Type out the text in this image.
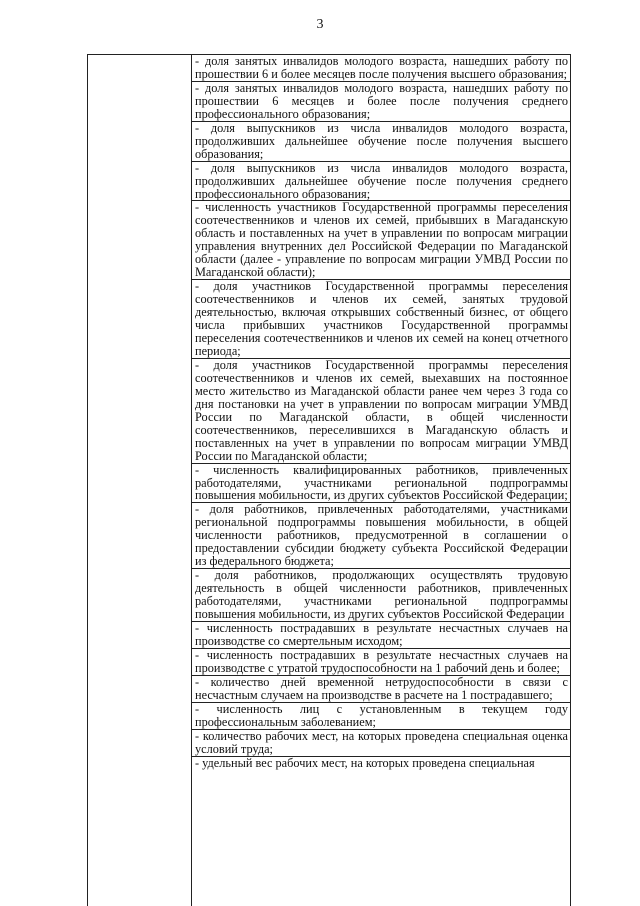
3
- доля занятых инвалидов молодого возраста, нашедших работу по прошествии 6 и более месяцев после получения высшего образования;
- доля занятых инвалидов молодого возраста, нашедших работу по прошествии 6 месяцев и более после получения среднего профессионального образования;
- доля выпускников из числа инвалидов молодого возраста, продолживших дальнейшее обучение после получения высшего образования;
- доля выпускников из числа инвалидов молодого возраста, продолживших дальнейшее обучение после получения среднего профессионального образования;
- численность участников Государственной программы переселения соотечественников и членов их семей, прибывших в Магаданскую область и поставленных на учет в управлении по вопросам миграции управления внутренних дел Российской Федерации по Магаданской области (далее - управление по вопросам миграции УМВД России по Магаданской области);
- доля участников Государственной программы переселения соотечественников и членов их семей, занятых трудовой деятельностью, включая открывших собственный бизнес, от общего числа прибывших участников Государственной программы переселения соотечественников и членов их семей на конец отчетного периода;
- доля участников Государственной программы переселения соотечественников и членов их семей, выехавших на постоянное место жительство из Магаданской области ранее чем через 3 года со дня постановки на учет в управлении по вопросам миграции УМВД России по Магаданской области, в общей численности соотечественников, переселившихся в Магаданскую область и поставленных на учет в управлении по вопросам миграции УМВД России по Магаданской области;
- численность квалифицированных работников, привлеченных работодателями, участниками региональной подпрограммы повышения мобильности, из других субъектов Российской Федерации;
- доля работников, привлеченных работодателями, участниками региональной подпрограммы повышения мобильности, в общей численности работников, предусмотренной в соглашении о предоставлении субсидии бюджету субъекта Российской Федерации из федерального бюджета;
- доля работников, продолжающих осуществлять трудовую деятельность в общей численности работников, привлеченных работодателями, участниками региональной подпрограммы повышения мобильности, из других субъектов Российской Федерации
- численность пострадавших в результате несчастных случаев на производстве со смертельным исходом;
- численность пострадавших в результате несчастных случаев на производстве с утратой трудоспособности на 1 рабочий день и более;
- количество дней временной нетрудоспособности в связи с несчастным случаем на производстве в расчете на 1 пострадавшего;
- численность лиц с установленным в текущем году профессиональным заболеванием;
- количество рабочих мест, на которых проведена специальная оценка условий труда;
- удельный вес рабочих мест, на которых проведена специальная
